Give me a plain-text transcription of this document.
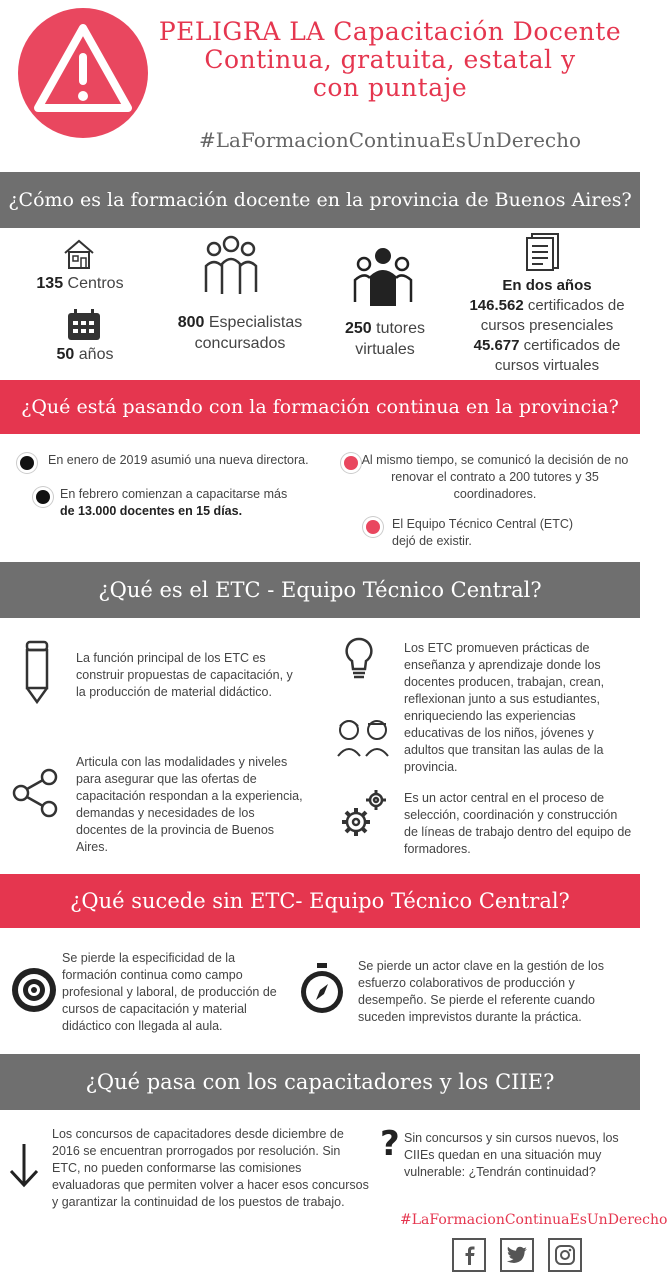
PELIGRA LA Capacitación Docente
Continua, gratuita, estatal y
con puntaje
#LaFormacionContinuaEsUnDerecho
¿Cómo es la formación docente en la provincia de Buenos Aires?
135 Centros
50 años
800 Especialistas concursados
250 tutores virtuales
En dos años
146.562 certificados de cursos presenciales
45.677 certificados de cursos virtuales
¿Qué está pasando con la formación continua en la provincia?
En enero de 2019 asumió una nueva directora.
En febrero comienzan a capacitarse más
de 13.000 docentes en 15 días.
Al mismo tiempo, se comunicó la decisión de no renovar el contrato a 200 tutores y 35 coordinadores.
El Equipo Técnico Central (ETC) dejó de existir.
¿Qué es el ETC - Equipo Técnico Central?
La función principal de los ETC es construir propuestas de capacitación, y la producción de material didáctico.
Articula con las modalidades y niveles para asegurar que las ofertas de capacitación respondan a la experiencia, demandas y necesidades de los docentes de la provincia de Buenos Aires.
Los ETC promueven prácticas de enseñanza y aprendizaje donde los docentes producen, trabajan, crean, reflexionan junto a sus estudiantes, enriqueciendo las experiencias educativas de los niños, jóvenes y adultos que transitan las aulas de la provincia.
Es un actor central en el proceso de selección, coordinación y construcción de líneas de trabajo dentro del equipo de formadores.
¿Qué sucede sin ETC- Equipo Técnico Central?
Se pierde la especificidad de la formación continua como campo profesional y laboral, de producción de cursos de capacitación y material didáctico con llegada al aula.
Se pierde un actor clave en la gestión de los esfuerzo colaborativos de producción y desempeño. Se pierde el referente cuando suceden imprevistos durante la práctica.
¿Qué pasa con los capacitadores y los CIIE?
Los concursos de capacitadores desde diciembre de 2016 se encuentran prorrogados por resolución. Sin ETC, no pueden conformarse las comisiones evaluadoras que permiten volver a hacer esos concursos y garantizar la continuidad de los puestos de trabajo.
? Sin concursos y sin cursos nuevos, los CIIEs quedan en una situación muy vulnerable: ¿Tendrán continuidad?
#LaFormacionContinuaEsUnDerecho
